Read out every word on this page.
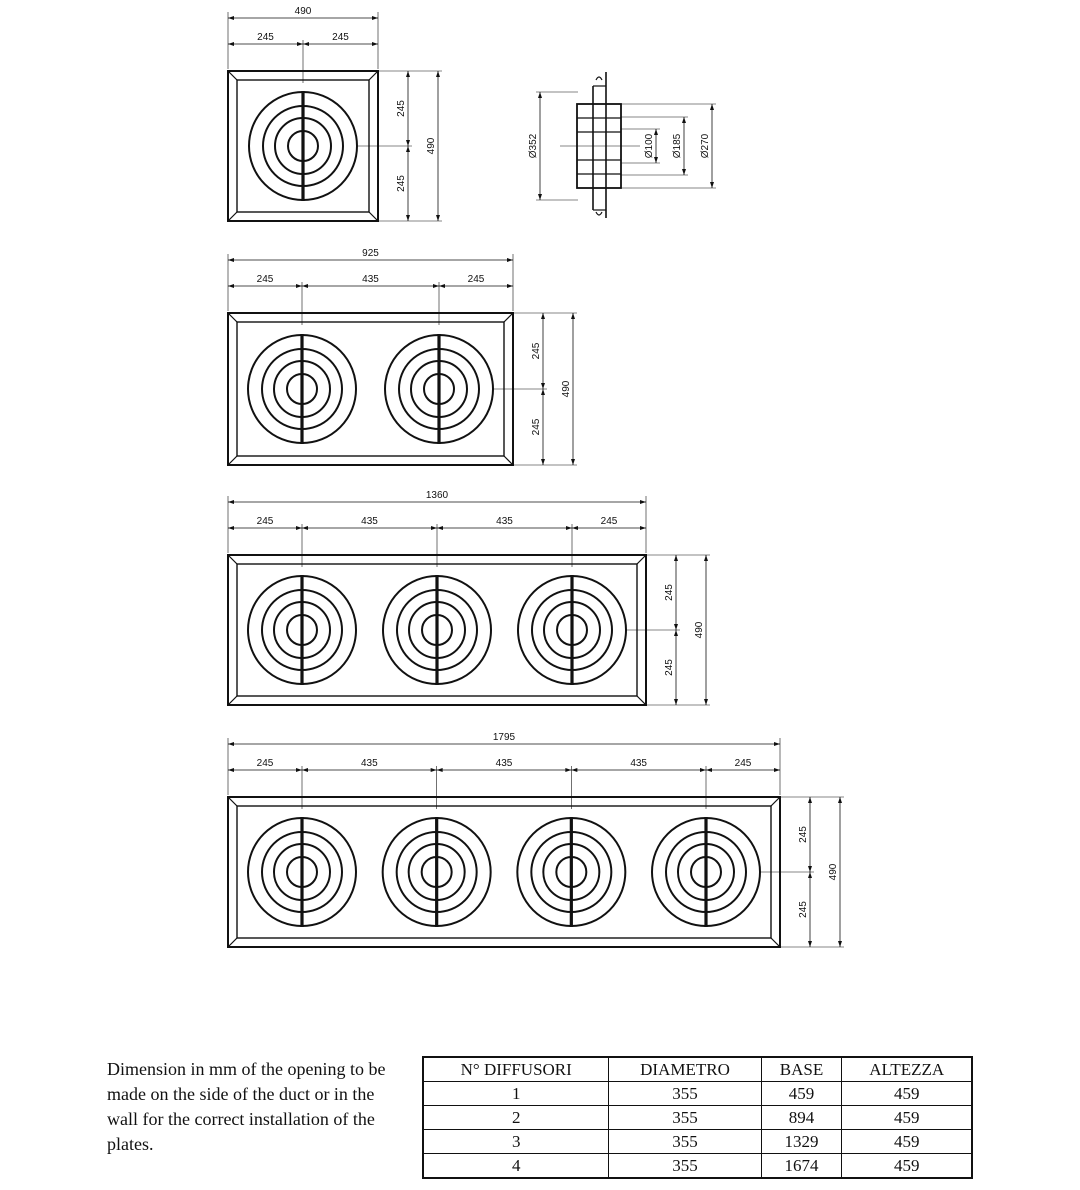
490
245	245
245
245
490
925
245	435	245
245
245
490
1360
245	435	435	245
245
245
490
1795
245	435	435	435	245
245
245
490
Ø352	Ø100 Ø185 Ø270
Dimension in mm of the opening to be made on the side of the duct or in the wall for the correct installation of the plates.
N° DIFFUSORI	DIAMETRO	BASE	ALTEZZA
1	355	459	459
2	355	894	459
3	355	1329	459
4	355	1674	459
